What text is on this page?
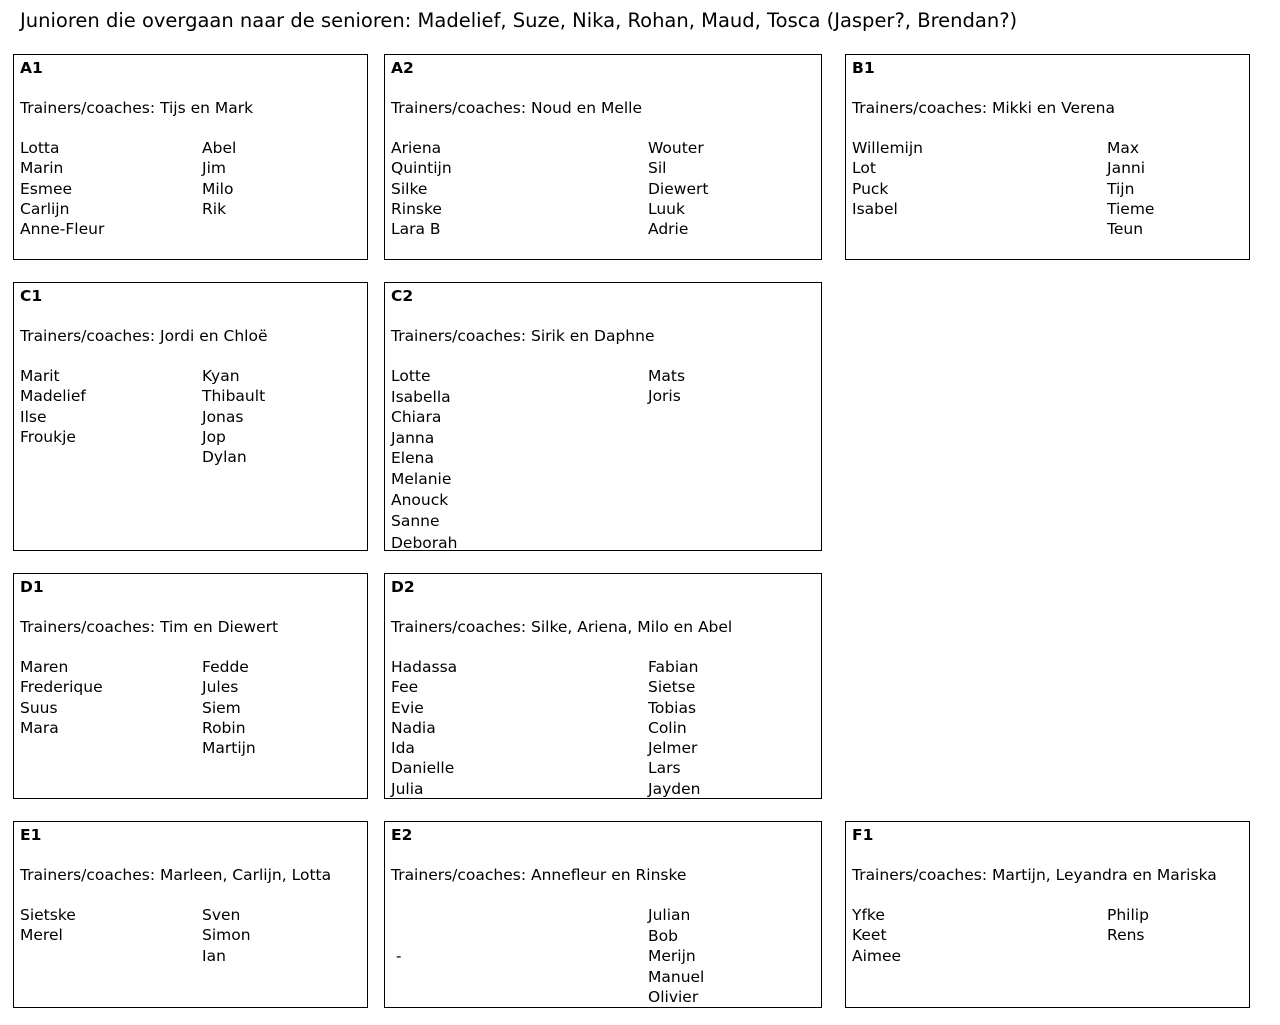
Junioren die overgaan naar de senioren: Madelief, Suze, Nika, Rohan, Maud, Tosca (Jasper?, Brendan?)
A1
Trainers/coaches: Tijs en Mark
Lotta
Marin
Esmee
Carlijn
Anne-Fleur
Abel
Jim
Milo
Rik
A2
Trainers/coaches: Noud en Melle
Ariena
Quintijn
Silke
Rinske
Lara B
Wouter
Sil
Diewert
Luuk
Adrie
B1
Trainers/coaches: Mikki en Verena
Willemijn
Lot
Puck
Isabel
Max
Janni
Tijn
Tieme
Teun
C1
Trainers/coaches: Jordi en Chloë
Marit
Madelief
Ilse
Froukje
Kyan
Thibault
Jonas
Jop
Dylan
C2
Trainers/coaches: Sirik en Daphne
Lotte
Isabella
Chiara
Janna
Elena
Melanie
Anouck
Sanne
Deborah
Mats
Joris
D1
Trainers/coaches: Tim en Diewert
Maren
Frederique
Suus
Mara
Fedde
Jules
Siem
Robin
Martijn
D2
Trainers/coaches: Silke, Ariena, Milo en Abel
Hadassa
Fee
Evie
Nadia
Ida
Danielle
Julia
Fabian
Sietse
Tobias
Colin
Jelmer
Lars
Jayden
E1
Trainers/coaches: Marleen, Carlijn, Lotta
Sietske
Merel
Sven
Simon
Ian
E2
Trainers/coaches: Annefleur en Rinske

-

Julian
Bob
Merijn
Manuel
Olivier
F1
Trainers/coaches: Martijn, Leyandra en Mariska
Yfke
Keet
Aimee
Philip
Rens
